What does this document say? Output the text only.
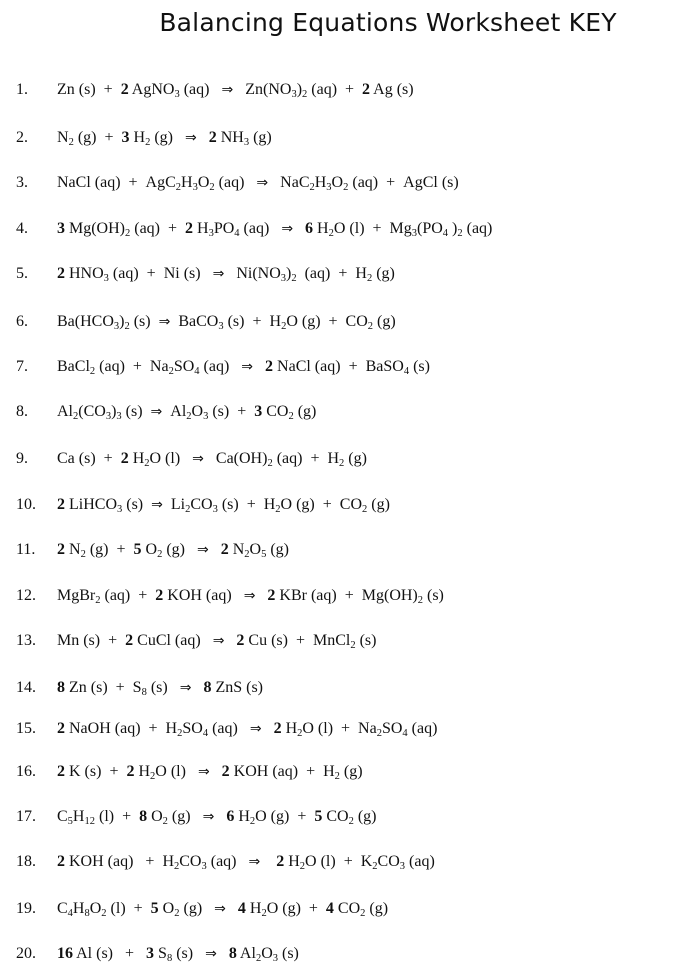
Balancing Equations Worksheet KEY
1. Zn (s)  +  2 AgNO$_3$ (aq)   ⇒   $Zn(NO_3)_2$ (aq)  +  2 Ag (s)
2. $N_2$ (g)  +  3 $H_2$ (g)   ⇒ 2 $NH_3$ (g)
3. NaCl $(aq) + AgC_2H_3O_2$ (aq)   ⇒   $NaC_2H_3O_2$ (aq)  +  AgCl (s)
4. 3 $Mg(OH)_2$ (aq)  +  2 $H_3PO_4$ (aq)   ⇒ 6 $H_2O$ $(l) + Mg_3(PO_4$ )$_2$ (aq)
5. 2 $HNO_3$ (aq)  +  Ni (s)   ⇒   $Ni(NO_3)_2$  $(aq) + H_2$ (g)
6. $Ba(HCO_3)_2$ (s)  ⇒  BaCO$_3$ $(s) + H_2O$ $(g) + CO_2$ (g)
7. BaCl$_2$ $(aq) + Na_2SO_4$ (aq)   ⇒ 2 NaCl (aq)  +  BaSO$_4$ (s)
8. $Al_2(CO_3)_3$ (s)  ⇒  $Al_2O_3$ (s)  +  3 $CO_2$ (g)
9. Ca (s)  +  2 $H_2O$ (l)   ⇒   $Ca(OH)_2$ $(aq) + H_2$ (g)
10. 2 LiHCO$_3$ (s)  ⇒  $Li_2CO_3$ $(s) + H_2O$ $(g) + CO_2$ (g)
11. 2 $N_2$ (g)  +  5 $O_2$ (g)   ⇒ 2 $N_2O_5$ (g)
12. MgBr$_2$ (aq)  +  2 KOH (aq)   ⇒ 2 KBr $(aq) + Mg(OH)_2$ (s)
13. Mn (s)  +  2 CuCl (aq)   ⇒ 2 Cu (s)  +  MnCl$_2$ (s)
14. 8 Zn $(s) + S_8$ (s)   ⇒ 8 ZnS (s)
15. 2 NaOH $(aq) + H_2SO_4$ (aq)   ⇒ 2 $H_2O$ $(l) + Na_2SO_4$ (aq)
16. 2 K (s)  +  2 $H_2O$ (l)   ⇒ 2 KOH $(aq) + H_2$ (g)
17. $C_5H_{12}$ (l)  +  8 $O_2$ (g)   ⇒ 6 $H_2O$ (g)  +  5 $CO_2$ (g)
18. 2 KOH $(aq) + H_2CO_3$ (aq)   ⇒ 2 $H_2O$ $(l) + K_2CO_3$ (aq)
19. $C_4H_8O_2$ (l)  +  5 $O_2$ (g)   ⇒ 4 $H_2O$ (g)  +  4 $CO_2$ (g)
20. 16 Al (s)   +   3 $S_8$ (s)   ⇒ 8 $Al_2O_3$ (s)
